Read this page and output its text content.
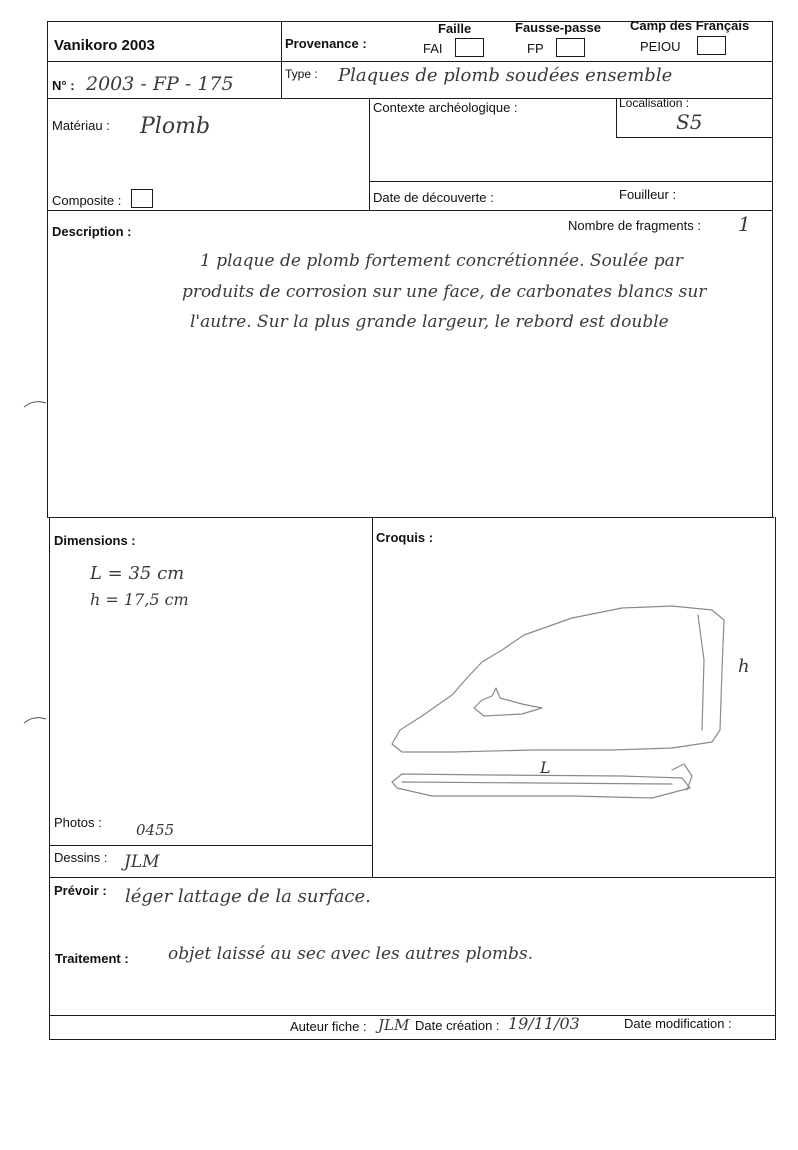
Vanikoro 2003	Provenance :
Faille
FAI
Fausse-passe
FP
Camp des Français
PEIOU
N° : 2003 - FP - 175	Type : Plaques de plomb soudées ensemble
Matériau : Plomb
Contexte archéologique :	Localisation :
S5
Composite :	Date de découverte :	Fouilleur :
Description :	Nombre de fragments : 1
1 plaque de plomb fortement concrétionnée. Soulée par
produits de corrosion sur une face, de carbonates blancs sur
l'autre. Sur la plus grande largeur, le rebord est double
Dimensions :
L = 35 cm
h = 17,5 cm
Croquis :
L
h
Photos : 0455
Dessins : JLM
Prévoir : léger lattage de la surface.
Traitement : objet laissé au sec avec les autres plombs.
Auteur fiche : JLM Date création : 19/11/03	Date modification :
